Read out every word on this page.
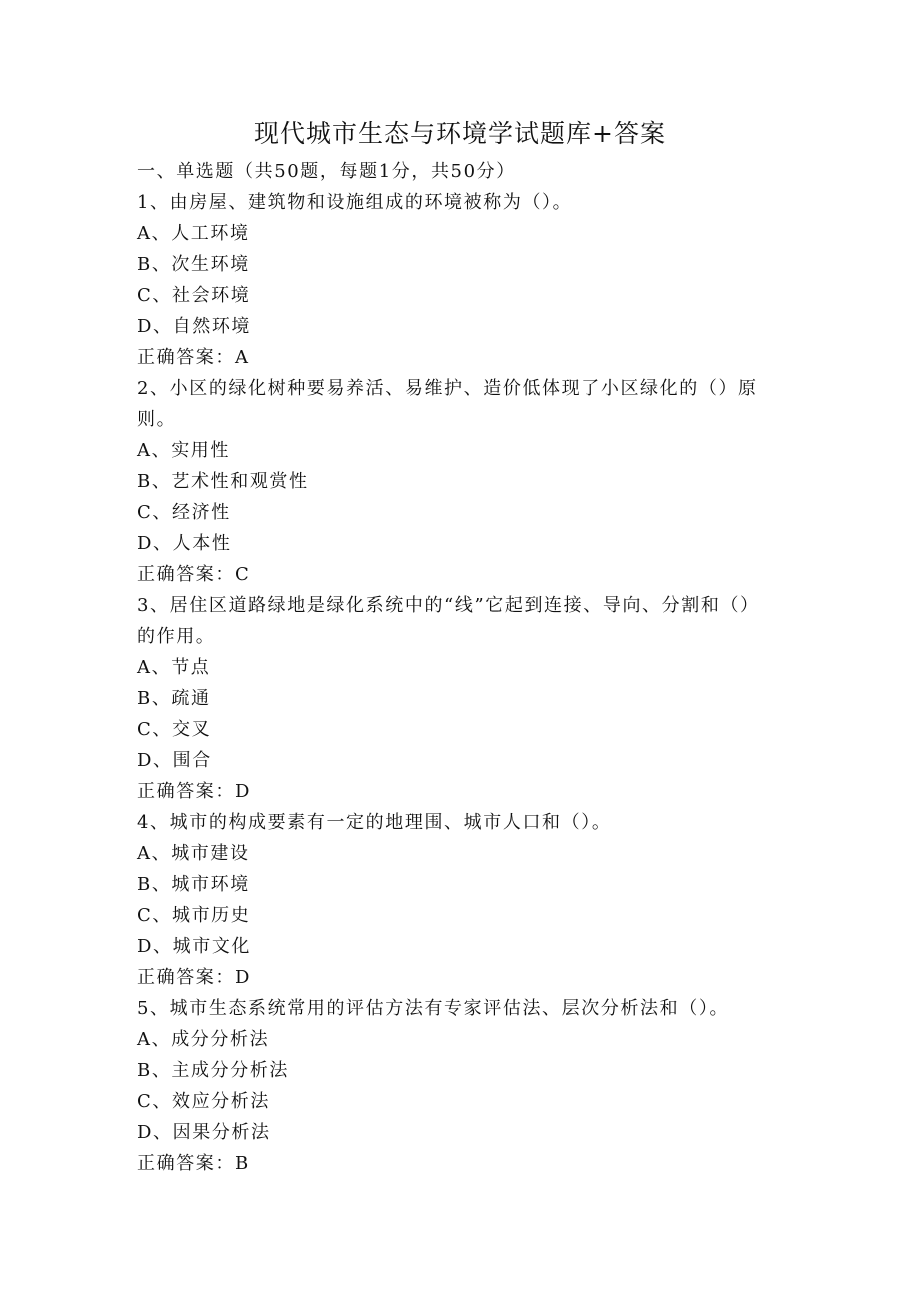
现代城市生态与环境学试题库+答案
一、单选题（共50题，每题1分，共50分）
1、由房屋、建筑物和设施组成的环境被称为（）。
A、人工环境
B、次生环境
C、社会环境
D、自然环境
正确答案：A
2、小区的绿化树种要易养活、易维护、造价低体现了小区绿化的（）原
则。
A、实用性
B、艺术性和观赏性
C、经济性
D、人本性
正确答案：C
3、居住区道路绿地是绿化系统中的“线”它起到连接、导向、分割和（）
的作用。
A、节点
B、疏通
C、交叉
D、围合
正确答案：D
4、城市的构成要素有一定的地理围、城市人口和（）。
A、城市建设
B、城市环境
C、城市历史
D、城市文化
正确答案：D
5、城市生态系统常用的评估方法有专家评估法、层次分析法和（）。
A、成分分析法
B、主成分分析法
C、效应分析法
D、因果分析法
正确答案：B
